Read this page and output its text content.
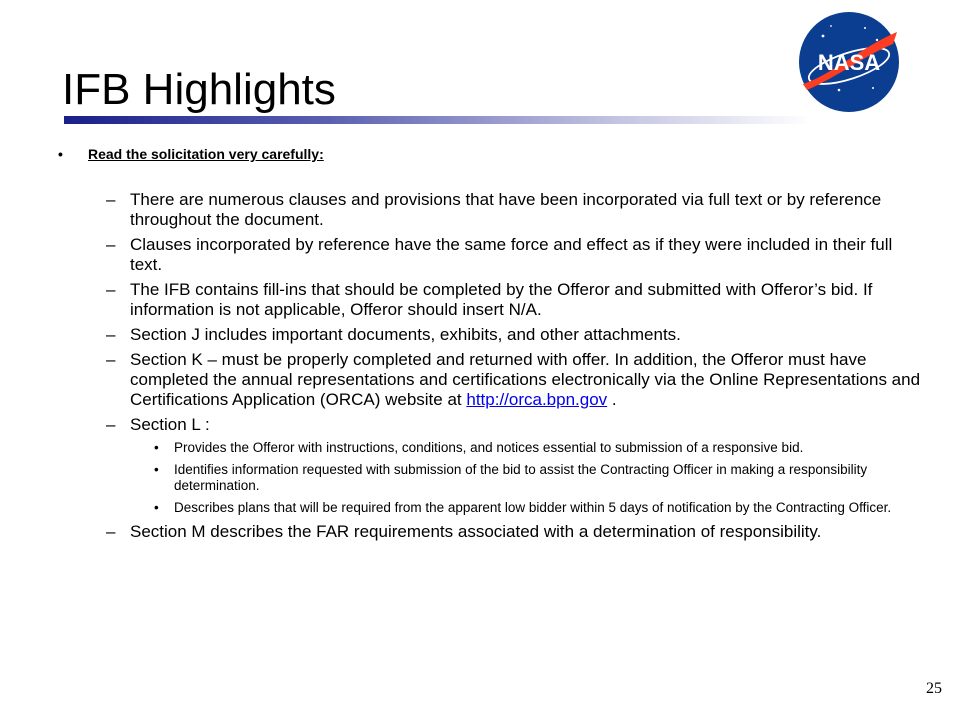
IFB Highlights
NASA
•	Read the solicitation very carefully:
– There are numerous clauses and provisions that have been incorporated via full text or by reference throughout the document.
– Clauses incorporated by reference have the same force and effect as if they were included in their full text.
– The IFB contains fill-ins that should be completed by the Offeror and submitted with Offeror’s bid. If information is not applicable, Offeror should insert N/A.
– Section J includes important documents, exhibits, and other attachments.
– Section K – must be properly completed and returned with offer. In addition, the Offeror must have completed the annual representations and certifications electronically via the Online Representations and Certifications Application (ORCA) website at http://orca.bpn.gov .
– Section L :
•	Provides the Offeror with instructions, conditions, and notices essential to submission of a responsive bid.
•	Identifies information requested with submission of the bid to assist the Contracting Officer in making a responsibility determination.
•	Describes plans that will be required from the apparent low bidder within 5 days of notification by the Contracting Officer.
– Section M describes the FAR requirements associated with a determination of responsibility.
25
